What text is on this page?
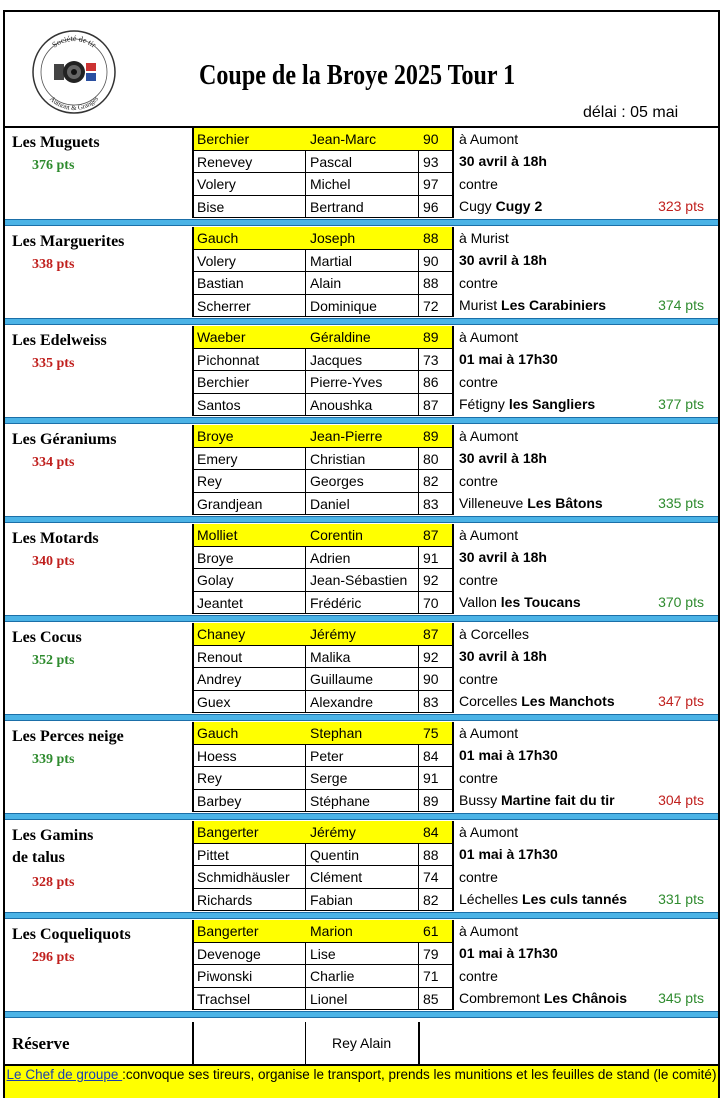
Société de tir
Aumont & Granges
Coupe de la Broye 2025 Tour 1
délai : 05 mai
Les Muguets
376 pts
Berchier	Jean-Marc	90
Renevey	Pascal	93
Volery	Michel	97
Bise	Bertrand	96
à Aumont
30 avril à 18h
contre
Cugy Cugy 2	323 pts
Les Marguerites
338 pts
Gauch	Joseph	88
Volery	Martial	90
Bastian	Alain	88
Scherrer	Dominique	72
à Murist
30 avril à 18h
contre
Murist Les Carabiniers	374 pts
Les Edelweiss
335 pts
Waeber	Géraldine	89
Pichonnat	Jacques	73
Berchier	Pierre-Yves	86
Santos	Anoushka	87
à Aumont
01 mai à 17h30
contre
Fétigny les Sangliers	377 pts
Les Géraniums
334 pts
Broye	Jean-Pierre	89
Emery	Christian	80
Rey	Georges	82
Grandjean	Daniel	83
à Aumont
30 avril à 18h
contre
Villeneuve Les Bâtons	335 pts
Les Motards
340 pts
Molliet	Corentin	87
Broye	Adrien	91
Golay	Jean-Sébastien 92
Jeantet	Frédéric	70
à Aumont
30 avril à 18h
contre
Vallon les Toucans	370 pts
Les Cocus
352 pts
Chaney	Jérémy	87
Renout	Malika	92
Andrey	Guillaume	90
Guex	Alexandre	83
à Corcelles
30 avril à 18h
contre
Corcelles Les Manchots	347 pts
Les Perces neige
339 pts
Gauch	Stephan	75
Hoess	Peter	84
Rey	Serge	91
Barbey	Stéphane	89
à Aumont
01 mai à 17h30
contre
Bussy Martine fait du tir	304 pts
Les Gamins
de talus
328 pts
Bangerter	Jérémy	84
Pittet	Quentin	88
Schmidhäusler Clément	74
Richards	Fabian	82
à Aumont
01 mai à 17h30
contre
Léchelles Les culs tannés 331 pts
Les Coqueliquots
296 pts
Bangerter	Marion	61
Devenoge	Lise	79
Piwonski	Charlie	71
Trachsel	Lionel	85
à Aumont
01 mai à 17h30
contre
Combremont Les Chânois 345 pts
Réserve	Rey Alain
Le Chef de groupe :convoque ses tireurs, organise le transport, prends les munitions et les feuilles de stand (le comité)
